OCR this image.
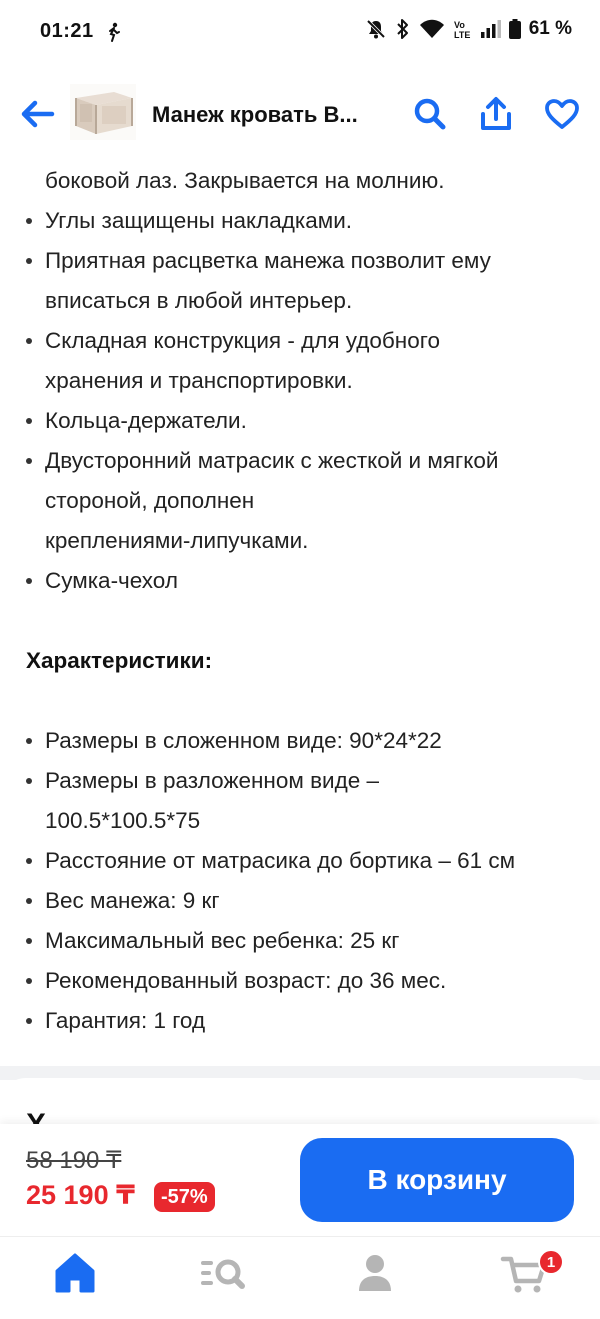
01:21	Vo
LTE	61 %
Манеж кровать В...
боковой лаз. Закрывается на молнию.
Углы защищены накладками.
Приятная расцветка манежа позволит ему
вписаться в любой интерьер.
Складная конструкция - для удобного
хранения и транспортировки.
Кольца-держатели.
Двусторонний матрасик с жесткой и мягкой
стороной, дополнен
креплениями-липучками.
Сумка-чехол
Характеристики:
Размеры в сложенном виде: 90*24*22
Размеры в разложенном виде –
100.5*100.5*75
Расстояние от матрасика до бортика – 61 см
Вес манежа: 9 кг
Максимальный вес ребенка: 25 кг
Рекомендованный возраст: до 36 мес.
Гарантия: 1 год
58 190 ₸
25 190 ₸	-57%
В корзину
1
